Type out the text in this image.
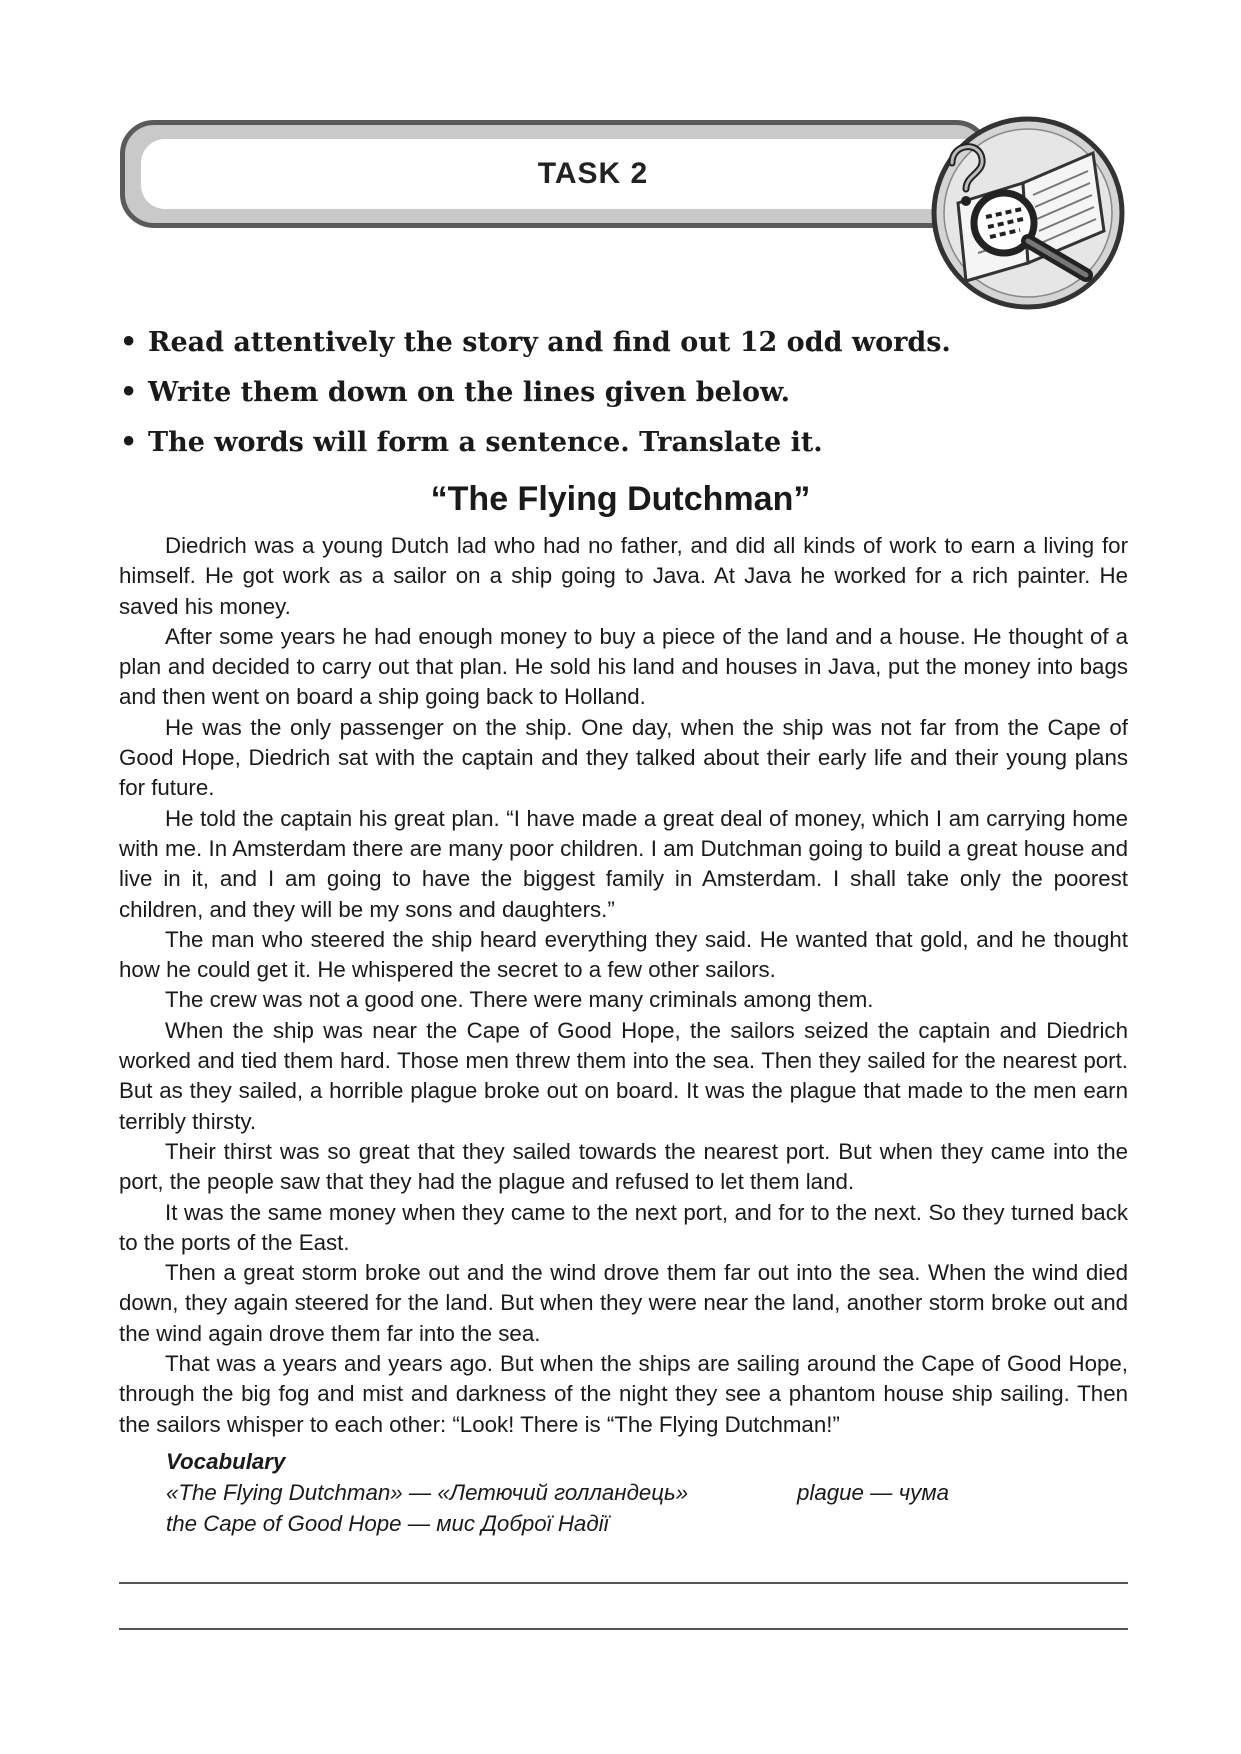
TASK 2
• Read attentively the story and find out 12 odd words.
• Write them down on the lines given below.
• The words will form a sentence. Translate it.
“The Flying Dutchman”

Diedrich was a young Dutch lad who had no father, and did all kinds of work to earn a living for himself. He got work as a sailor on a ship going to Java. At Java he worked for a rich painter. He saved his money.

After some years he had enough money to buy a piece of the land and a house. He thought of a plan and decided to carry out that plan. He sold his land and houses in Java, put the money into bags and then went on board a ship going back to Holland.

He was the only passenger on the ship. One day, when the ship was not far from the Cape of Good Hope, Diedrich sat with the captain and they talked about their early life and their young plans for future.

He told the captain his great plan. “I have made a great deal of money, which I am carrying home with me. In Amsterdam there are many poor children. I am Dutchman going to build a great house and live in it, and I am going to have the biggest family in Amsterdam. I shall take only the poorest children, and they will be my sons and daughters.”

The man who steered the ship heard everything they said. He wanted that gold, and he thought how he could get it. He whispered the secret to a few other sailors.

The crew was not a good one. There were many criminals among them.

When the ship was near the Cape of Good Hope, the sailors seized the captain and Diedrich worked and tied them hard. Those men threw them into the sea. Then they sailed for the nearest port. But as they sailed, a horrible plague broke out on board. It was the plague that made to the men earn terribly thirsty.

Their thirst was so great that they sailed towards the nearest port. But when they came into the port, the people saw that they had the plague and refused to let them land.

It was the same money when they came to the next port, and for to the next. So they turned back to the ports of the East.

Then a great storm broke out and the wind drove them far out into the sea. When the wind died down, they again steered for the land. But when they were near the land, another storm broke out and the wind again drove them far into the sea.

That was a years and years ago. But when the ships are sailing around the Cape of Good Hope, through the big fog and mist and darkness of the night they see a phantom house ship sailing. Then the sailors whisper to each other: “Look! There is “The Flying Dutchman!”

Vocabulary
«The Flying Dutchman» — «Летючий голландець»	plague — чума
the Cape of Good Hope — мис Доброї Надії
